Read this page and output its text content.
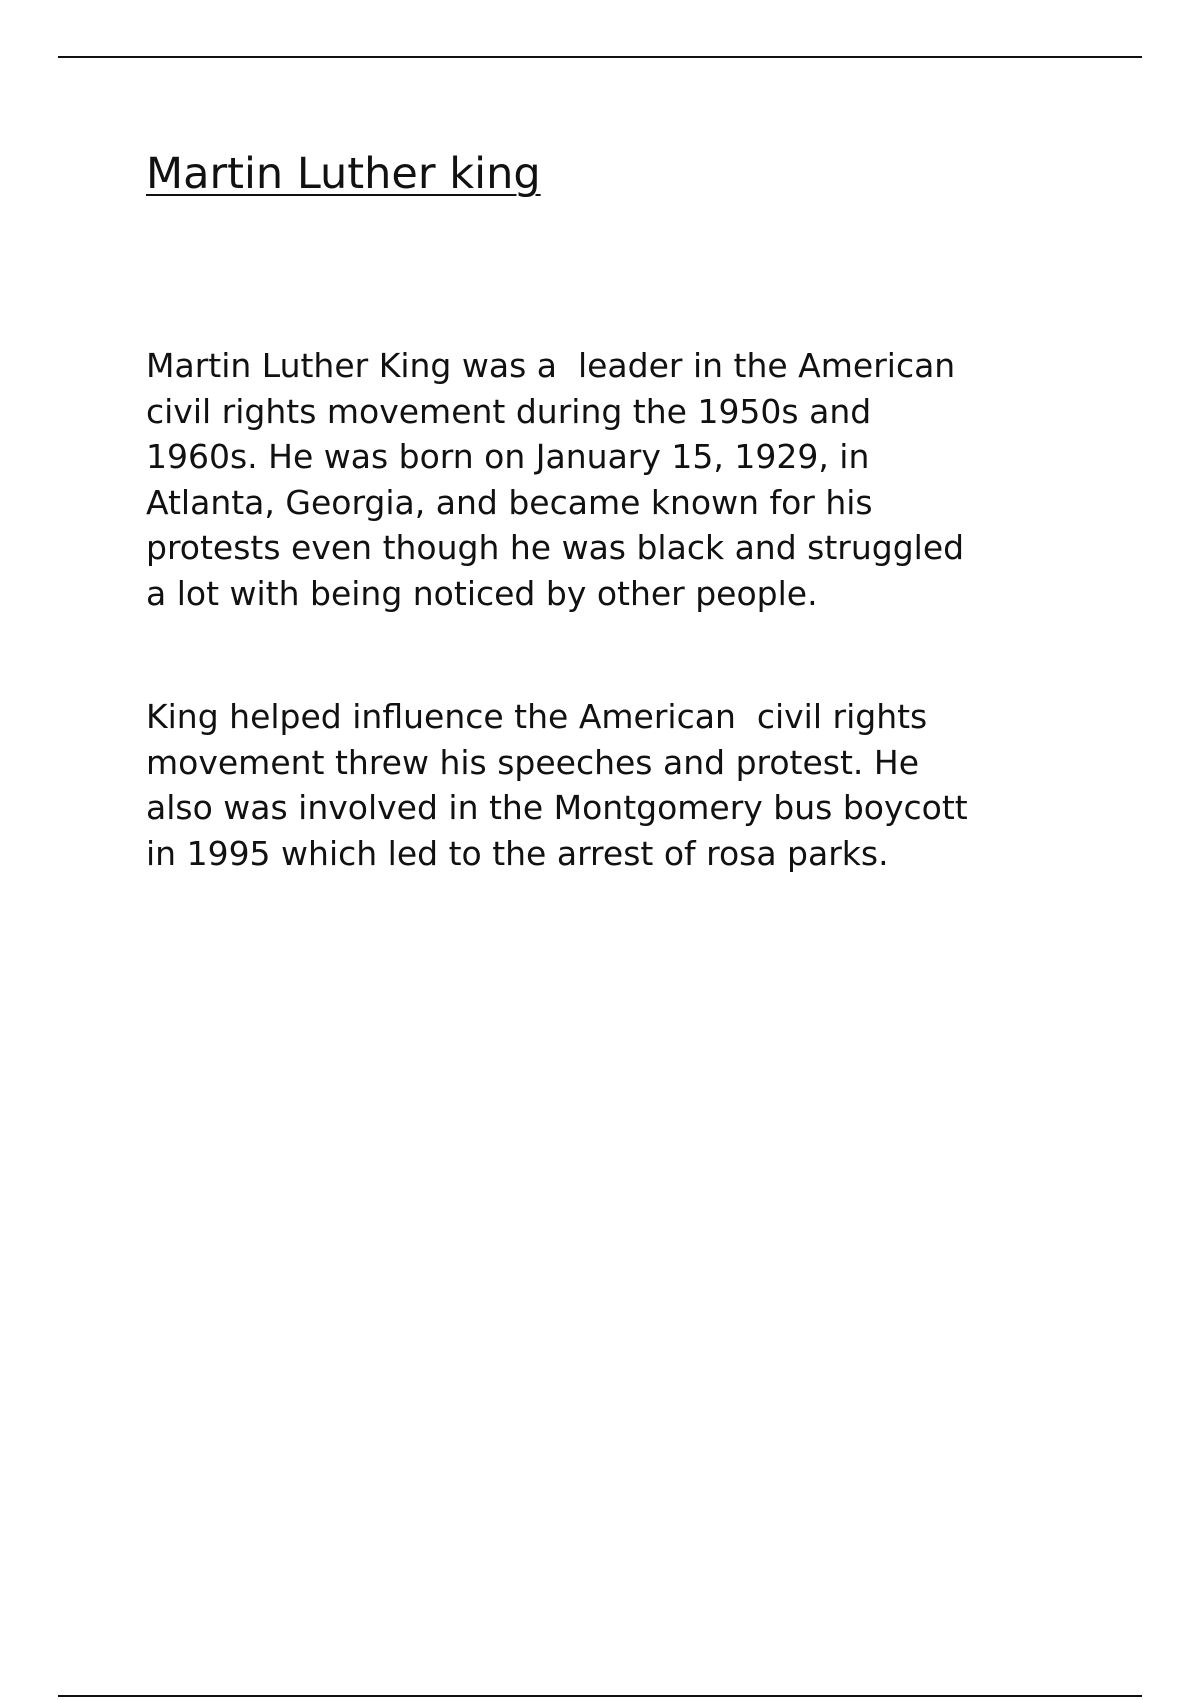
Martin Luther king

Martin Luther King was a  leader in the American
civil rights movement during the 1950s and
1960s. He was born on January 15, 1929, in
Atlanta, Georgia, and became known for his
protests even though he was black and struggled
a lot with being noticed by other people.

King helped influence the American  civil rights
movement threw his speeches and protest. He
also was involved in the Montgomery bus boycott
in 1995 which led to the arrest of rosa parks.
